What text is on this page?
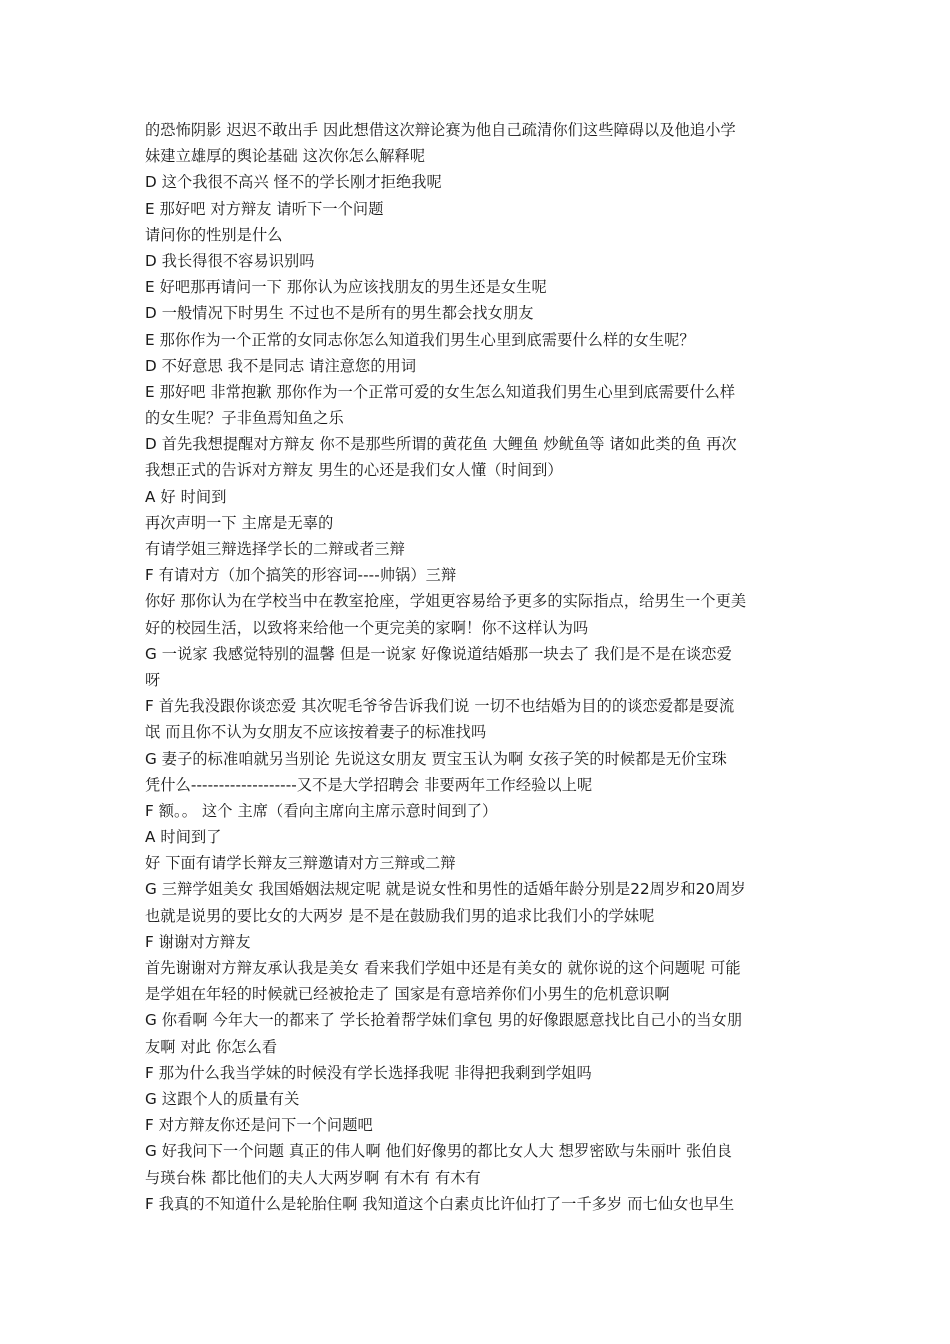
的恐怖阴影 迟迟不敢出手 因此想借这次辩论赛为他自己疏清你们这些障碍以及他追小学
妹建立雄厚的舆论基础 这次你怎么解释呢
D 这个我很不高兴 怪不的学长刚才拒绝我呢
E 那好吧 对方辩友 请听下一个问题
请问你的性别是什么
D 我长得很不容易识别吗
E 好吧那再请问一下 那你认为应该找朋友的男生还是女生呢
D 一般情况下时男生 不过也不是所有的男生都会找女朋友
E 那你作为一个正常的女同志你怎么知道我们男生心里到底需要什么样的女生呢？
D 不好意思 我不是同志 请注意您的用词
E 那好吧 非常抱歉 那你作为一个正常可爱的女生怎么知道我们男生心里到底需要什么样
的女生呢？子非鱼焉知鱼之乐
D 首先我想提醒对方辩友 你不是那些所谓的黄花鱼 大鲤鱼 炒鱿鱼等 诸如此类的鱼 再次
我想正式的告诉对方辩友 男生的心还是我们女人懂（时间到）
A 好 时间到
再次声明一下 主席是无辜的
有请学姐三辩选择学长的二辩或者三辩
F 有请对方（加个搞笑的形容词----帅锅）三辩
你好 那你认为在学校当中在教室抢座，学姐更容易给予更多的实际指点，给男生一个更美
好的校园生活，以致将来给他一个更完美的家啊！你不这样认为吗
G 一说家 我感觉特别的温馨 但是一说家 好像说道结婚那一块去了 我们是不是在谈恋爱
呀
F 首先我没跟你谈恋爱 其次呢毛爷爷告诉我们说 一切不也结婚为目的的谈恋爱都是耍流
氓 而且你不认为女朋友不应该按着妻子的标准找吗
G 妻子的标准咱就另当别论 先说这女朋友 贾宝玉认为啊 女孩子笑的时候都是无价宝珠
凭什么-------------------又不是大学招聘会 非要两年工作经验以上呢
F 额。。 这个 主席（看向主席向主席示意时间到了）
A 时间到了
好 下面有请学长辩友三辩邀请对方三辩或二辩
G 三辩学姐美女 我国婚姻法规定呢 就是说女性和男性的适婚年龄分别是22周岁和20周岁
也就是说男的要比女的大两岁 是不是在鼓励我们男的追求比我们小的学妹呢
F 谢谢对方辩友
首先谢谢对方辩友承认我是美女 看来我们学姐中还是有美女的 就你说的这个问题呢 可能
是学姐在年轻的时候就已经被抢走了 国家是有意培养你们小男生的危机意识啊
G 你看啊 今年大一的都来了 学长抢着帮学妹们拿包 男的好像跟愿意找比自己小的当女朋
友啊 对此 你怎么看
F 那为什么我当学妹的时候没有学长选择我呢 非得把我剩到学姐吗
G 这跟个人的质量有关
F 对方辩友你还是问下一个问题吧
G 好我问下一个问题 真正的伟人啊 他们好像男的都比女人大 想罗密欧与朱丽叶 张伯良
与瑛台株 都比他们的夫人大两岁啊 有木有 有木有
F 我真的不知道什么是轮胎住啊 我知道这个白素贞比许仙打了一千多岁 而七仙女也早生
